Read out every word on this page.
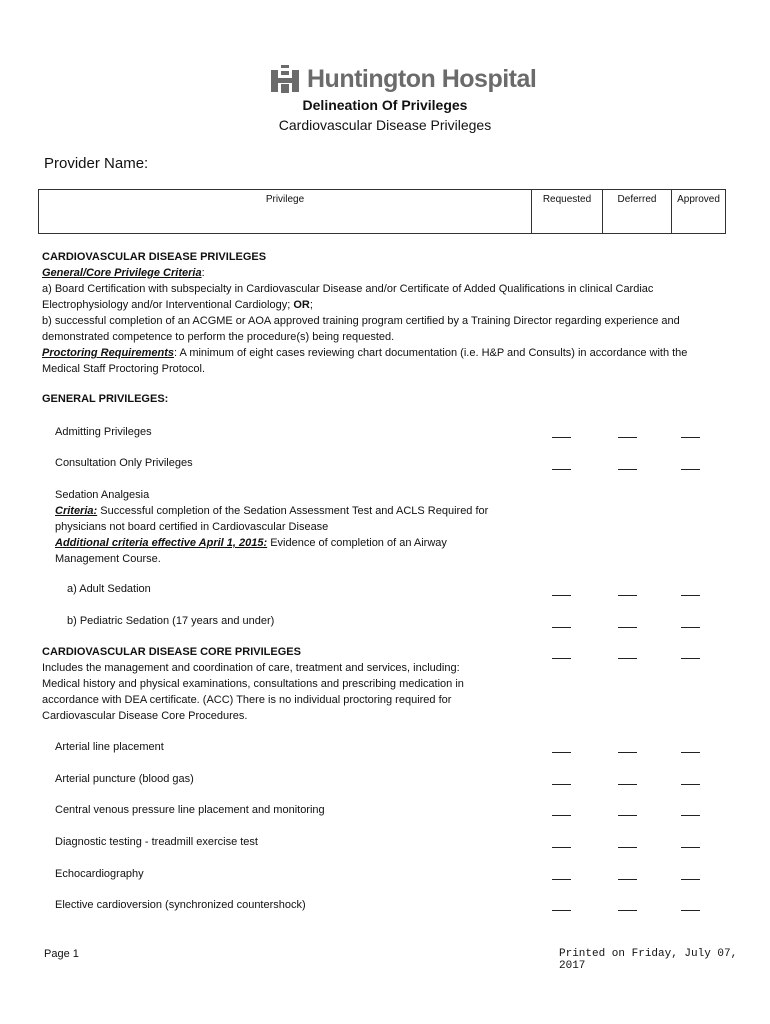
Huntington Hospital
Delineation Of Privileges
Cardiovascular Disease Privileges
Provider Name:
Privilege	Requested	Deferred	Approved
CARDIOVASCULAR DISEASE PRIVILEGES
General/Core Privilege Criteria:
a) Board Certification with subspecialty in Cardiovascular Disease and/or Certificate of Added Qualifications in clinical Cardiac
Electrophysiology and/or Interventional Cardiology; OR;
b) successful completion of an ACGME or AOA approved training program certified by a Training Director regarding experience and
demonstrated competence to perform the procedure(s) being requested.
Proctoring Requirements: A minimum of eight cases reviewing chart documentation (i.e. H&P and Consults) in accordance with the
Medical Staff Proctoring Protocol.
GENERAL PRIVILEGES:
Admitting Privileges
Consultation Only Privileges
Sedation Analgesia
Criteria: Successful completion of the Sedation Assessment Test and ACLS Required for
physicians not board certified in Cardiovascular Disease
Additional criteria effective April 1, 2015: Evidence of completion of an Airway
Management Course.
a) Adult Sedation
b) Pediatric Sedation (17 years and under)
CARDIOVASCULAR DISEASE CORE PRIVILEGES
Includes the management and coordination of care, treatment and services, including:
Medical history and physical examinations, consultations and prescribing medication in
accordance with DEA certificate. (ACC) There is no individual proctoring required for
Cardiovascular Disease Core Procedures.
Arterial line placement
Arterial puncture (blood gas)
Central venous pressure line placement and monitoring
Diagnostic testing - treadmill exercise test
Echocardiography
Elective cardioversion (synchronized countershock)
Page 1	Printed on Friday, July 07, 2017
